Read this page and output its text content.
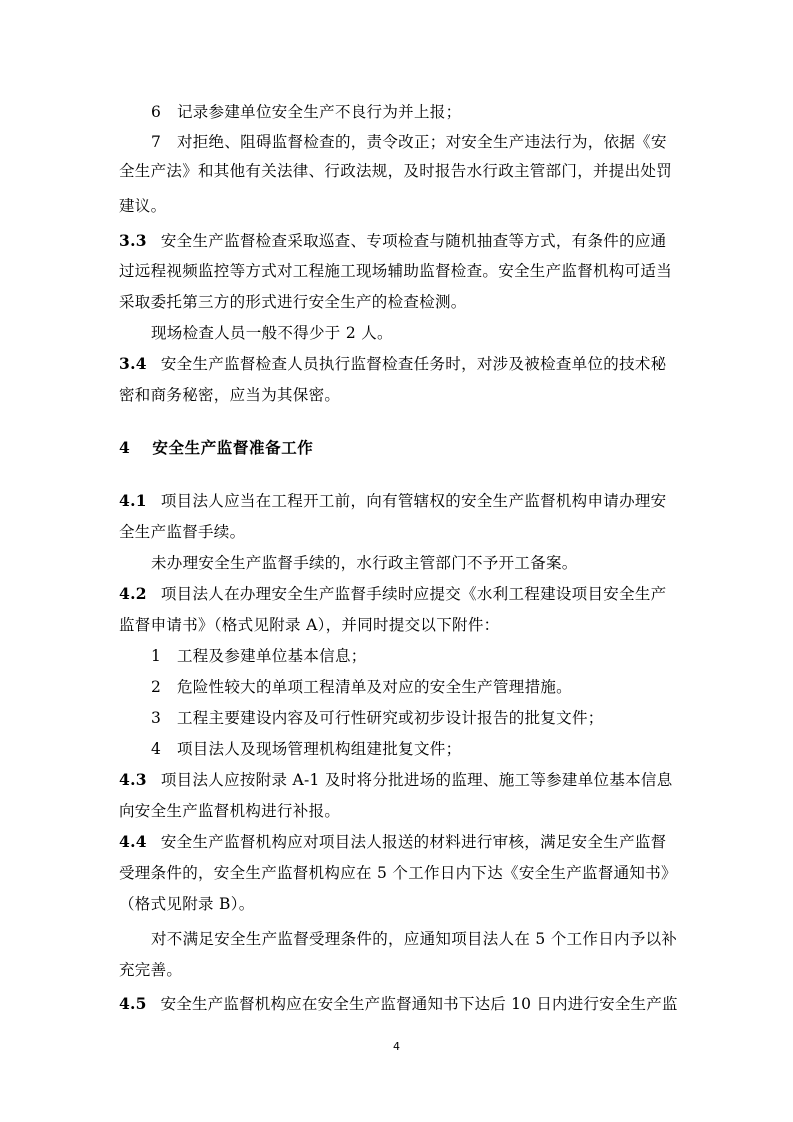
6　记录参建单位安全生产不良行为并上报；

7　对拒绝、阻碍监督检查的，责令改正；对安全生产违法行为，依据《安

全生产法》和其他有关法律、行政法规，及时报告水行政主管部门，并提出处罚

建议。

3.3 安全生产监督检查采取巡查、专项检查与随机抽查等方式，有条件的应通

过远程视频监控等方式对工程施工现场辅助监督检查。安全生产监督机构可适当

采取委托第三方的形式进行安全生产的检查检测。

现场检查人员一般不得少于 2 人。

3.4 安全生产监督检查人员执行监督检查任务时，对涉及被检查单位的技术秘

密和商务秘密，应当为其保密。

4 安全生产监督准备工作

4.1 项目法人应当在工程开工前，向有管辖权的安全生产监督机构申请办理安

全生产监督手续。

未办理安全生产监督手续的，水行政主管部门不予开工备案。

4.2 项目法人在办理安全生产监督手续时应提交《水利工程建设项目安全生产

监督申请书》（格式见附录 A），并同时提交以下附件：

1　工程及参建单位基本信息；

2　危险性较大的单项工程清单及对应的安全生产管理措施。

3　工程主要建设内容及可行性研究或初步设计报告的批复文件；

4　项目法人及现场管理机构组建批复文件；

4.3 项目法人应按附录 A-1 及时将分批进场的监理、施工等参建单位基本信息

向安全生产监督机构进行补报。

4.4 安全生产监督机构应对项目法人报送的材料进行审核，满足安全生产监督

受理条件的，安全生产监督机构应在 5 个工作日内下达《安全生产监督通知书》

（格式见附录 B）。

对不满足安全生产监督受理条件的，应通知项目法人在 5 个工作日内予以补

充完善。

4.5 安全生产监督机构应在安全生产监督通知书下达后 10 日内进行安全生产监

4
